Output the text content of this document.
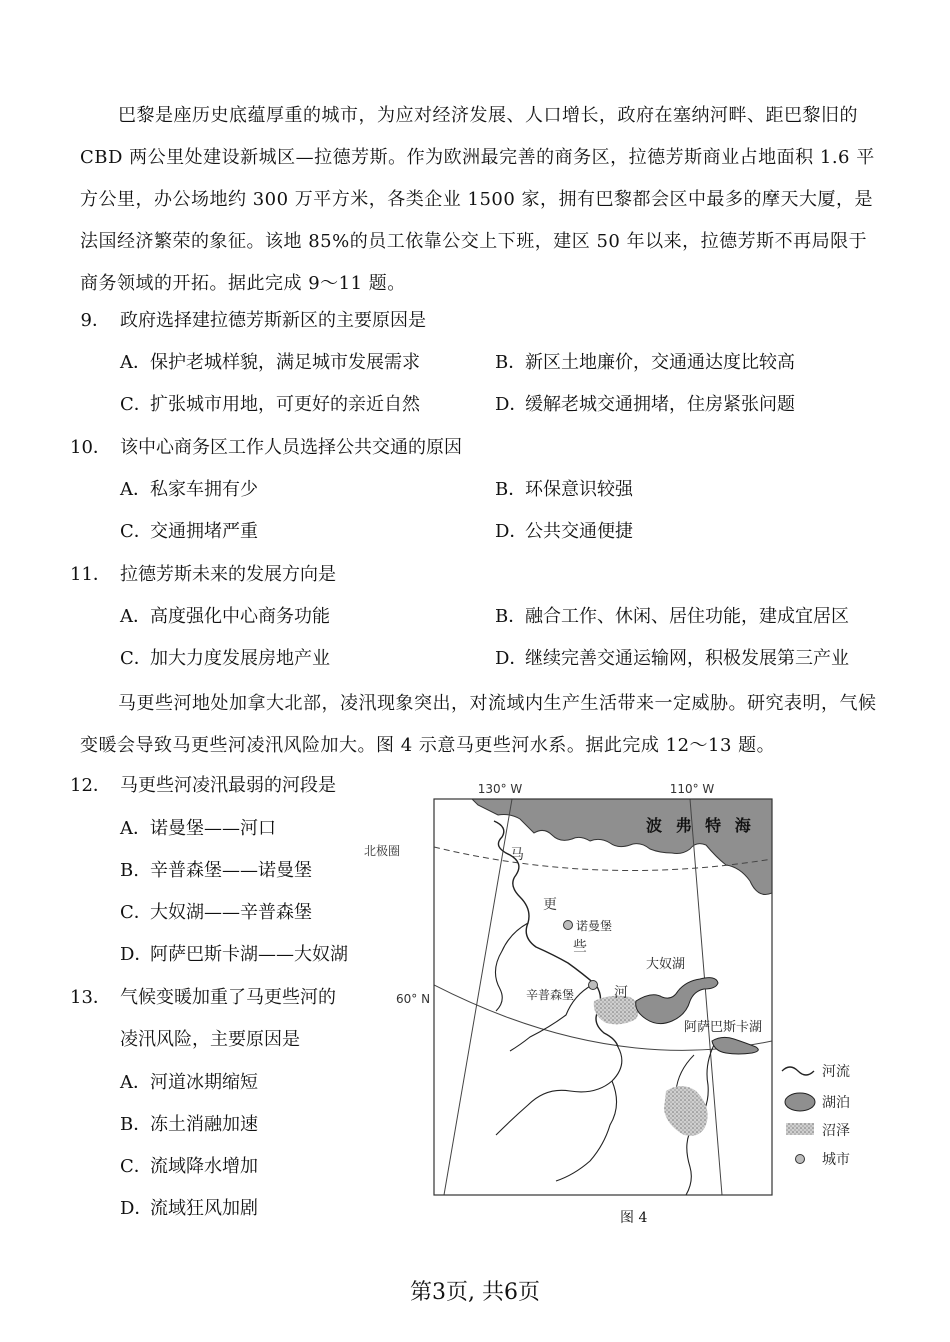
巴黎是座历史底蕴厚重的城市，为应对经济发展、人口增长，政府在塞纳河畔、距巴黎旧的 CBD 两公里处建设新城区—拉德芳斯。作为欧洲最完善的商务区，拉德芳斯商业占地面积 1.6 平方公里，办公场地约 300 万平方米，各类企业 1500 家，拥有巴黎都会区中最多的摩天大厦，是法国经济繁荣的象征。该地 85%的员工依靠公交上下班，建区 50 年以来，拉德芳斯不再局限于商务领域的开拓。据此完成 9～11 题。
9． 政府选择建拉德芳斯新区的主要原因是
A．保护老城样貌，满足城市发展需求	B．新区土地廉价，交通通达度比较高
C．扩张城市用地，可更好的亲近自然	D．缓解老城交通拥堵，住房紧张问题
10． 该中心商务区工作人员选择公共交通的原因
A．私家车拥有少	B．环保意识较强
C．交通拥堵严重	D．公共交通便捷
11． 拉德芳斯未来的发展方向是
A．高度强化中心商务功能	B．融合工作、休闲、居住功能，建成宜居区
C．加大力度发展房地产业	D．继续完善交通运输网，积极发展第三产业
马更些河地处加拿大北部，凌汛现象突出，对流域内生产生活带来一定威胁。研究表明，气候变暖会导致马更些河凌汛风险加大。图 4 示意马更些河水系。据此完成 12～13 题。
12． 马更些河凌汛最弱的河段是
A．诺曼堡——河口
B. 辛普森堡——诺曼堡
C．大奴湖——辛普森堡
D．阿萨巴斯卡湖——大奴湖
13． 气候变暖加重了马更些河的
凌汛风险，主要原因是
A．河道冰期缩短
B．冻土消融加速
C．流域降水增加
D．流域狂风加剧
130° W	110° W
北极圈
60° N
波 弗 特 海
马
更
些
河
诺曼堡
辛普森堡
大奴湖
阿萨巴斯卡湖
河流
湖泊
沼泽
城市
图 4
第3页, 共6页
